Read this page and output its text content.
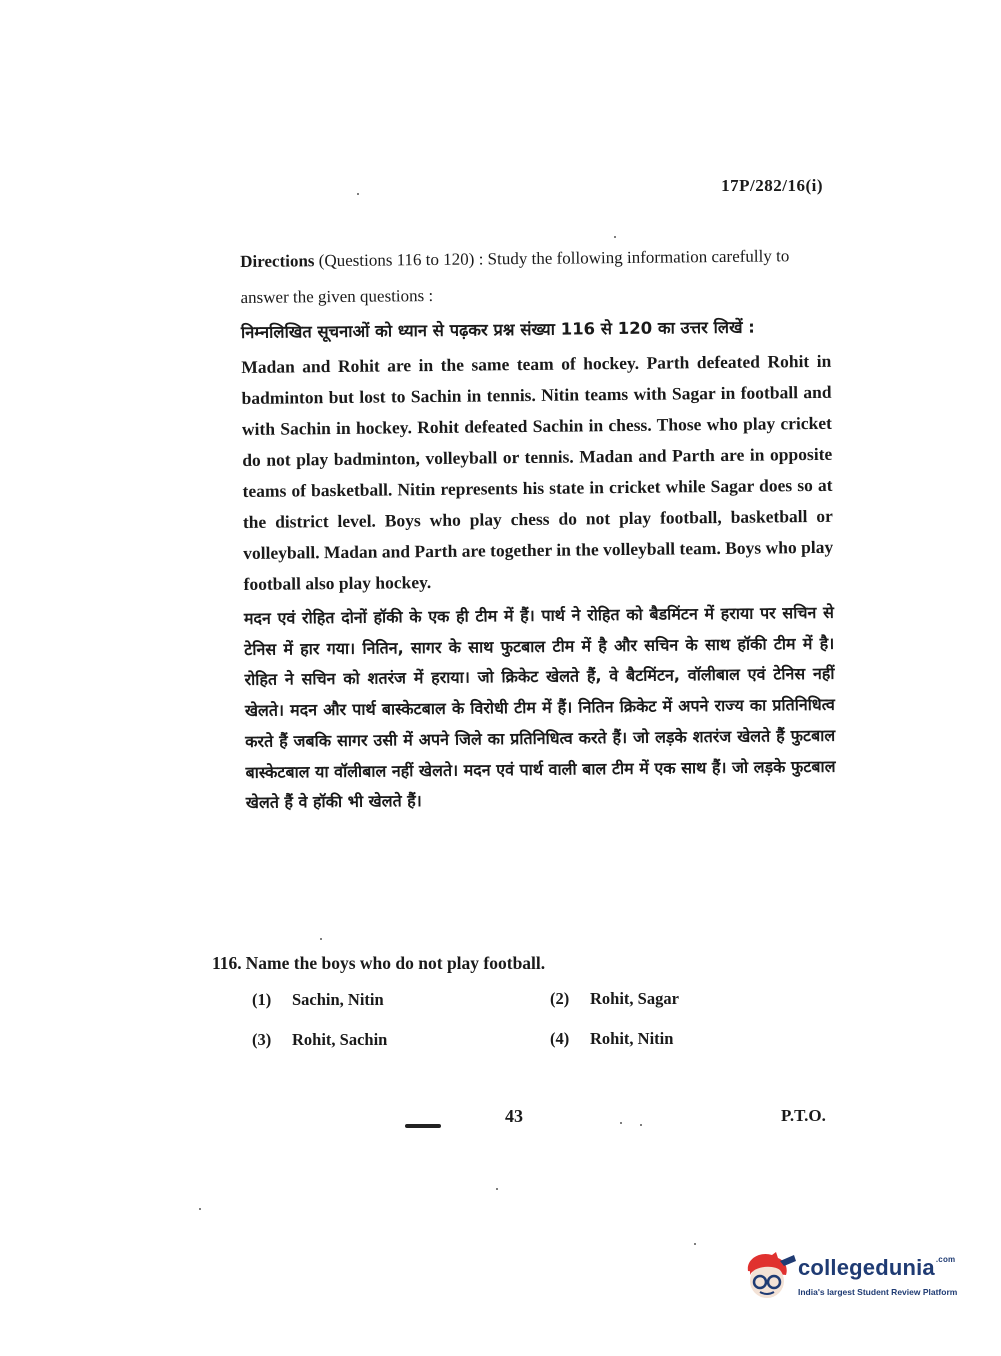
17P/282/16(i)

Directions (Questions 116 to 120) : Study the following information carefully to answer the given questions :

निम्नलिखित सूचनाओं को ध्यान से पढ़कर प्रश्न संख्या 116 से 120 का उत्तर लिखें :

Madan and Rohit are in the same team of hockey. Parth defeated Rohit in badminton but lost to Sachin in tennis. Nitin teams with Sagar in football and with Sachin in hockey. Rohit defeated Sachin in chess. Those who play cricket do not play badminton, volleyball or tennis. Madan and Parth are in opposite teams of basketball. Nitin represents his state in cricket while Sagar does so at the district level. Boys who play chess do not play football, basketball or volleyball. Madan and Parth are together in the volleyball team. Boys who play football also play hockey.

मदन एवं रोहित दोनों हॉकी के एक ही टीम में हैं। पार्थ ने रोहित को बैडमिंटन में हराया पर सचिन से टेनिस में हार गया। नितिन, सागर के साथ फुटबाल टीम में है और सचिन के साथ हॉकी टीम में है। रोहित ने सचिन को शतरंज में हराया। जो क्रिकेट खेलते हैं, वे बैटमिंटन, वॉलीबाल एवं टेनिस नहीं खेलते। मदन और पार्थ बास्केटबाल के विरोधी टीम में हैं। नितिन क्रिकेट में अपने राज्य का प्रतिनिधित्व करते हैं जबकि सागर उसी में अपने जिले का प्रतिनिधित्व करते हैं। जो लड़के शतरंज खेलते हैं फुटबाल बास्केटबाल या वॉलीबाल नहीं खेलते। मदन एवं पार्थ वाली बाल टीम में एक साथ हैं। जो लड़के फुटबाल खेलते हैं वे हॉकी भी खेलते हैं।

116. Name the boys who do not play football.
(1) Sachin, Nitin	(2) Rohit, Sagar
(3) Rohit, Sachin	(4) Rohit, Nitin
43	P.T.O.
collegedunia$^{.com}$
India's largest Student Review Platform
